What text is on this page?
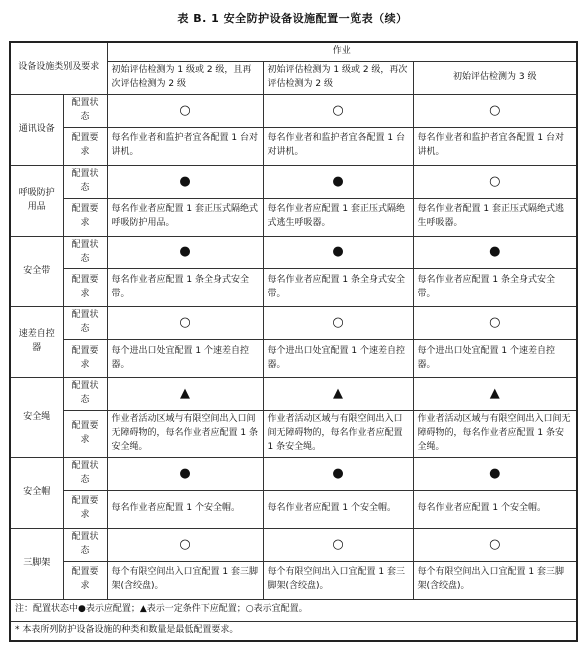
表 B. 1 安全防护设备设施配置一览表（续）
设备设施类别及要求		作业		
		初始评估检测为 1 级或 2 级，且再次评估检测为 2 级	初始评估检测为 1 级或 2 级，再次评估检测为 2 级	初始评估检测为 3 级
通讯设备	配置状态	○	○	○
	配置要求	每名作业者和监护者宜各配置 1 台对讲机。	每名作业者和监护者宜各配置 1 台对讲机。	每名作业者和监护者宜各配置 1 台对讲机。
呼吸防护用品	配置状态	●	●	○
	配置要求	每名作业者应配置 1 套正压式隔绝式呼吸防护用品。	每名作业者应配置 1 套正压式隔绝式逃生呼吸器。	每名作业者配置 1 套正压式隔绝式逃生呼吸器。
安全带	配置状态	●	●	●
	配置要求	每名作业者应配置 1 条全身式安全带。	每名作业者应配置 1 条全身式安全带。	每名作业者应配置 1 条全身式安全带。
速差自控器	配置状态	○	○	○
	配置要求	每个进出口处宜配置 1 个速差自控器。	每个进出口处宜配置 1 个速差自控器。	每个进出口处宜配置 1 个速差自控器。
安全绳	配置状态	▲	▲	▲
	配置要求	作业者活动区域与有限空间出入口间无障碍物的，每名作业者应配置 1 条安全绳。	作业者活动区域与有限空间出入口间无障碍物的，每名作业者应配置 1 条安全绳。	作业者活动区域与有限空间出入口间无障碍物的，每名作业者应配置 1 条安全绳。
安全帽	配置状态	●	●	●
	配置要求	每名作业者应配置 1 个安全帽。	每名作业者应配置 1 个安全帽。	每名作业者应配置 1 个安全帽。
三脚架	配置状态	○	○	○
	配置要求	每个有限空间出入口宜配置 1 套三脚架(含绞盘)。	每个有限空间出入口宜配置 1 套三脚架(含绞盘)。	每个有限空间出入口宜配置 1 套三脚架(含绞盘)。
注：配置状态中●表示应配置；▲表示一定条件下应配置；○表示宜配置。				
* 本表所列防护设备设施的种类和数量是最低配置要求。				
